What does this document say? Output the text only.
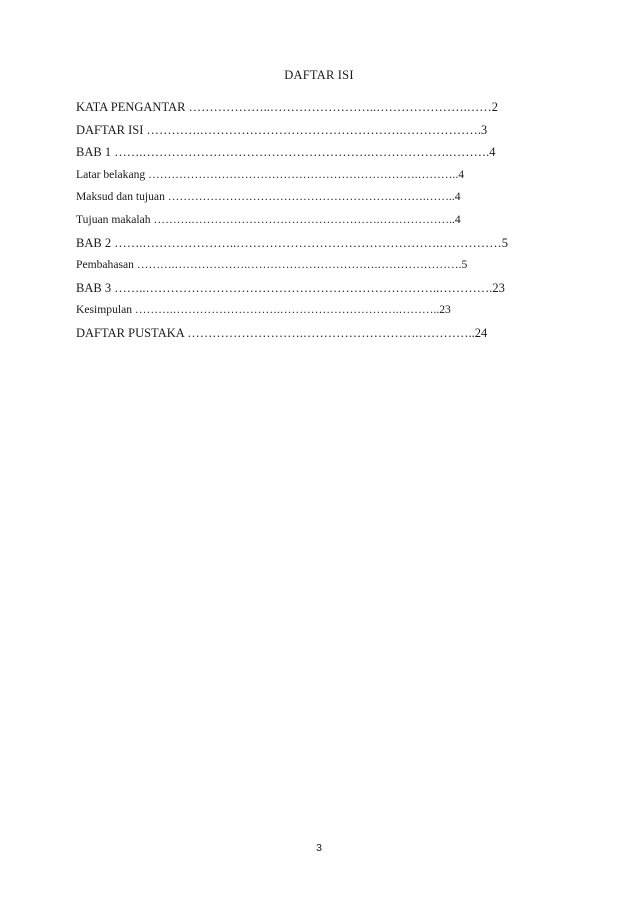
DAFTAR ISI
KATA PENGANTAR ………………..……………………..………………….……2
DAFTAR ISI ………….………………………………………….……………….3
BAB 1 …….……………………………………………….……………….……….4
Latar belakang …………………………………………………………….………..4
Maksud dan tujuan ………………………………………………………….……..4
Tujuan makalah ……….………………………………………….………………..4
BAB 2 …….…………………..………………………………………….……………5
Pembahasan ……….……………….…………………………….………………….5
BAB 3 ……..……………………………………………………………..………….23
Kesimpulan ……….……………………….………………………….………..23
DAFTAR PUSTAKA ……………………….……………………….…………..24
3
